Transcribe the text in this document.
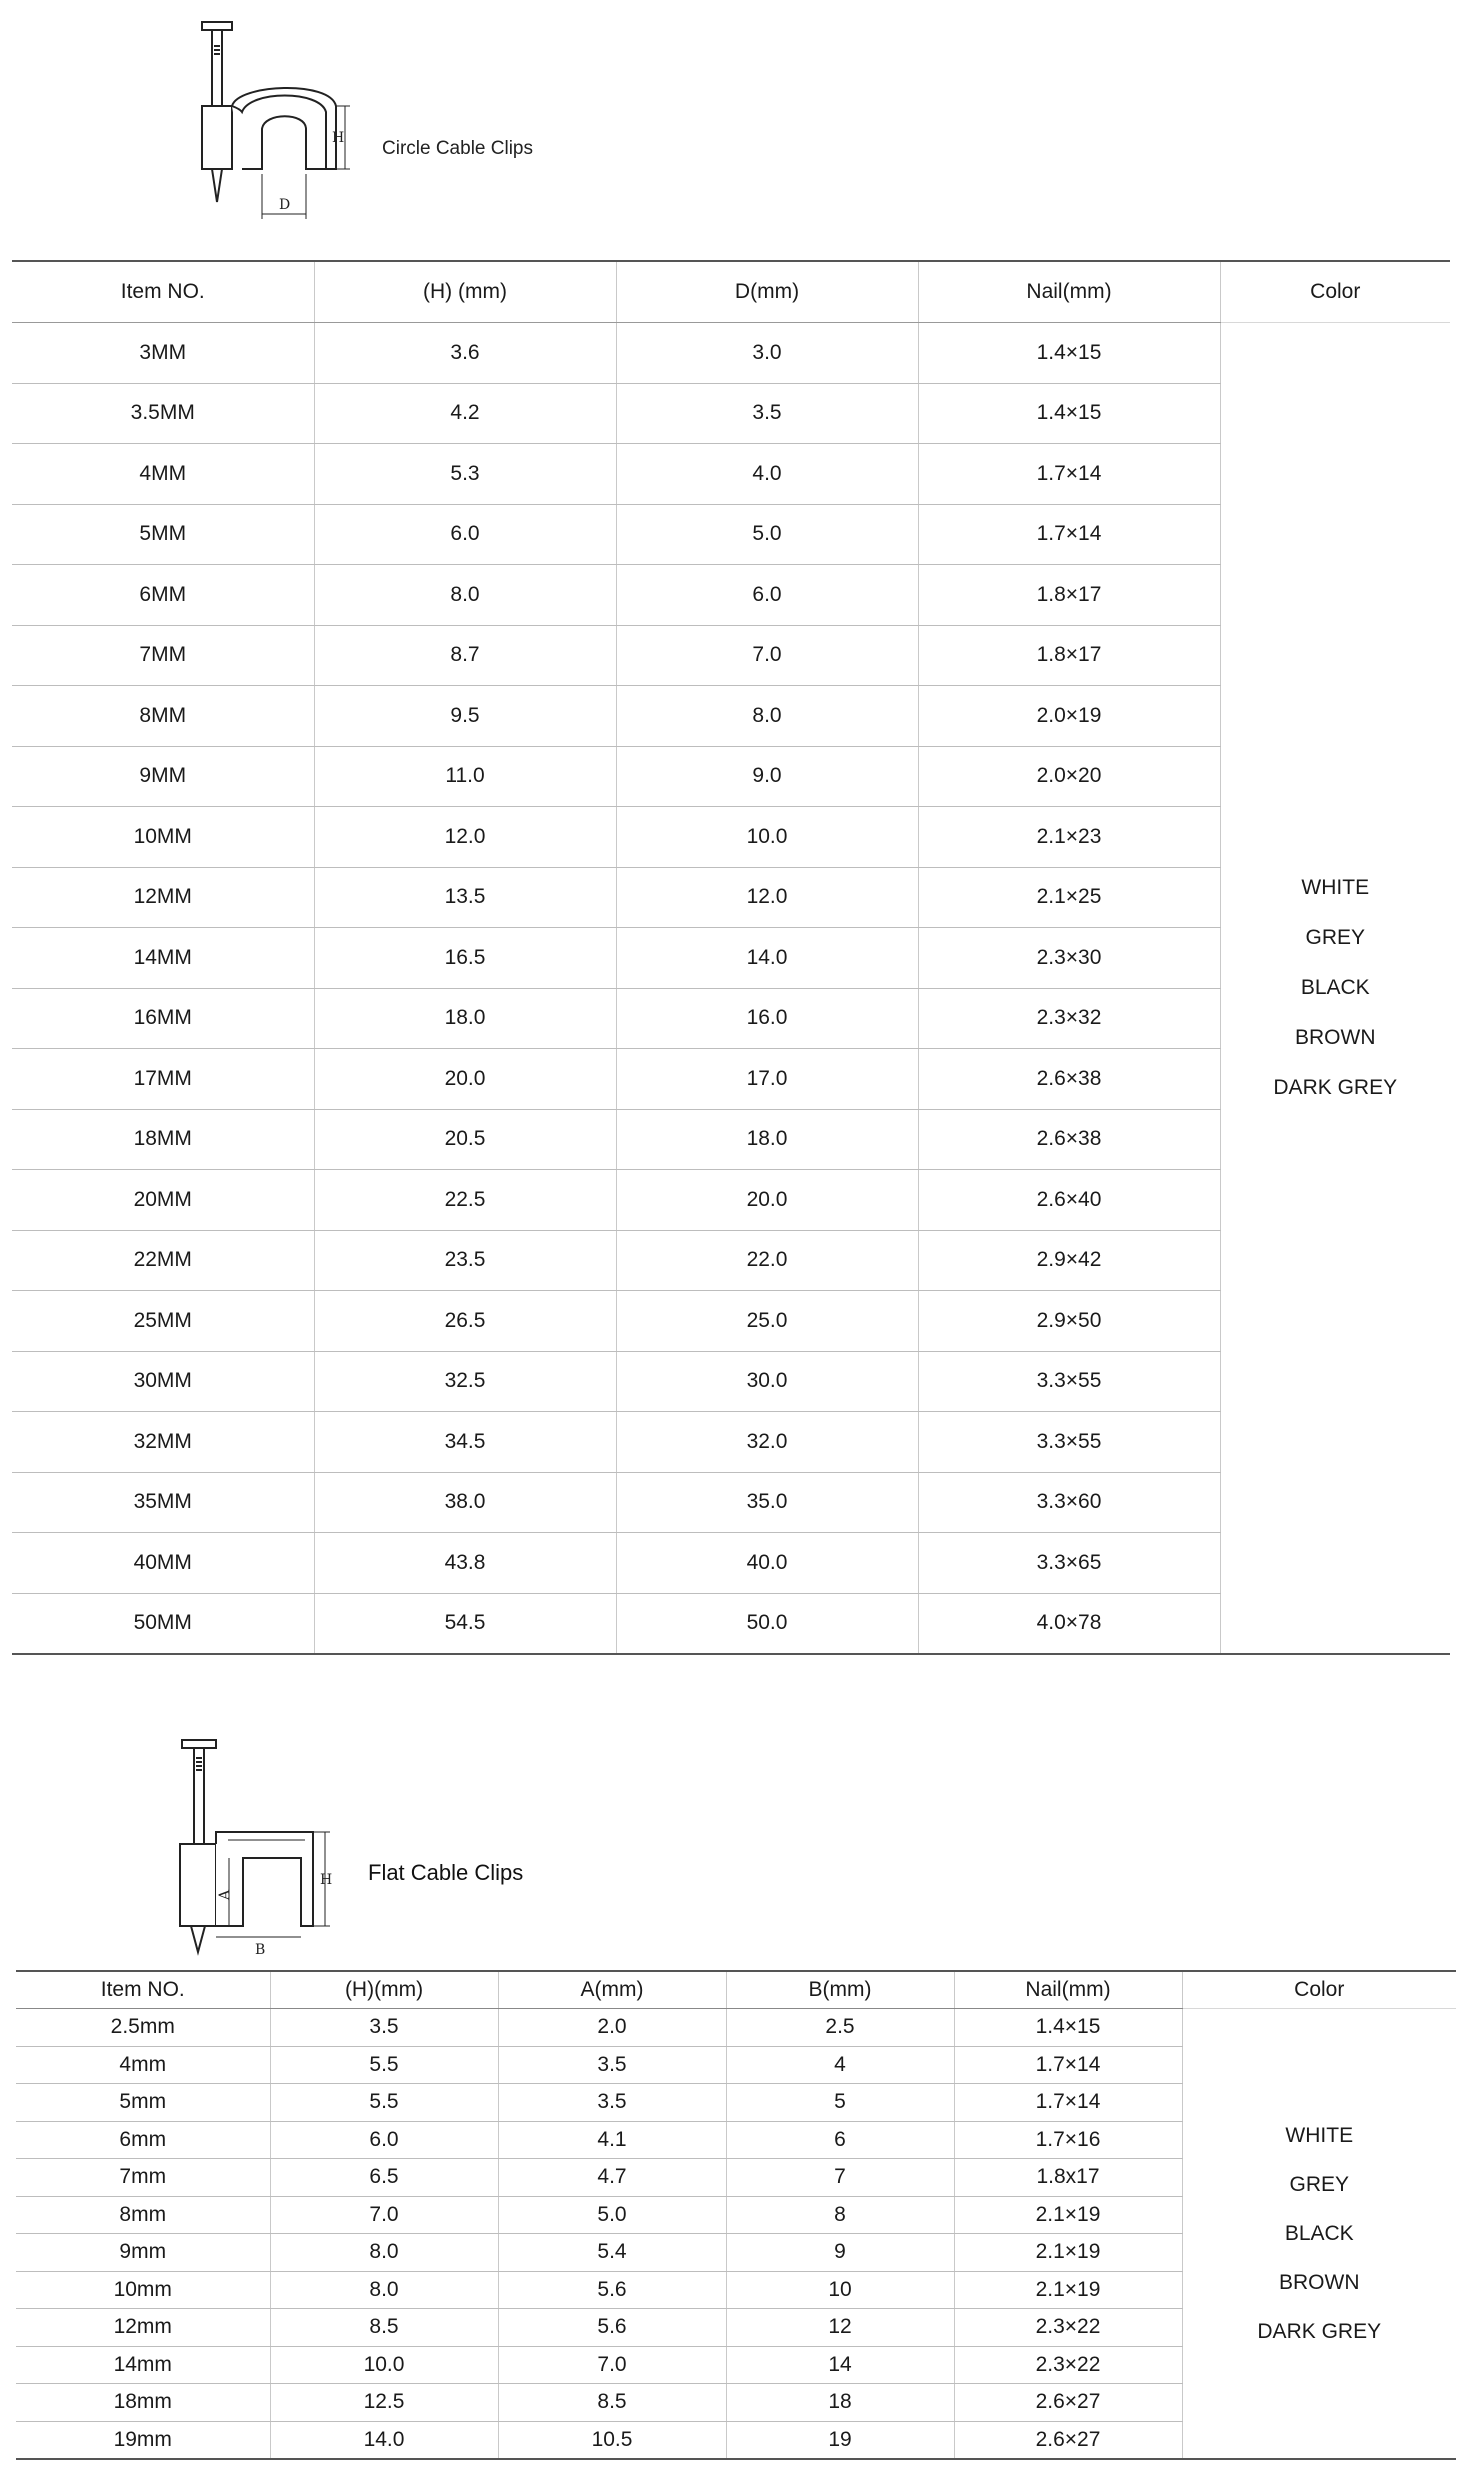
H
D
Circle Cable Clips
Item NO.	(H) (mm)	D(mm)	Nail(mm)	Color
3MM	3.6	3.0	1.4×15	WHITE
GREY
BLACK
BROWN
DARK GREY

3.5MM	4.2	3.5	1.4×15	
4MM	5.3	4.0	1.7×14	
5MM	6.0	5.0	1.7×14	
6MM	8.0	6.0	1.8×17	
7MM	8.7	7.0	1.8×17	
8MM	9.5	8.0	2.0×19	
9MM	11.0	9.0	2.0×20	
10MM	12.0	10.0	2.1×23	
12MM	13.5	12.0	2.1×25	
14MM	16.5	14.0	2.3×30	
16MM	18.0	16.0	2.3×32	
17MM	20.0	17.0	2.6×38	
18MM	20.5	18.0	2.6×38	
20MM	22.5	20.0	2.6×40	
22MM	23.5	22.0	2.9×42	
25MM	26.5	25.0	2.9×50	
30MM	32.5	30.0	3.3×55	
32MM	34.5	32.0	3.3×55	
35MM	38.0	35.0	3.3×60	
40MM	43.8	40.0	3.3×65	
50MM	54.5	50.0	4.0×78	
H
A
B
Flat Cable Clips
Item NO.	(H)(mm)	A(mm)	B(mm)	Nail(mm)	Color
2.5mm	3.5	2.0	2.5	1.4×15	WHITE
GREY
BLACK
BROWN
DARK GREY

4mm	5.5	3.5	4	1.7×14	
5mm	5.5	3.5	5	1.7×14	
6mm	6.0	4.1	6	1.7×16	
7mm	6.5	4.7	7	1.8x17	
8mm	7.0	5.0	8	2.1×19	
9mm	8.0	5.4	9	2.1×19	
10mm	8.0	5.6	10	2.1×19	
12mm	8.5	5.6	12	2.3×22	
14mm	10.0	7.0	14	2.3×22	
18mm	12.5	8.5	18	2.6×27	
19mm	14.0	10.5	19	2.6×27	
